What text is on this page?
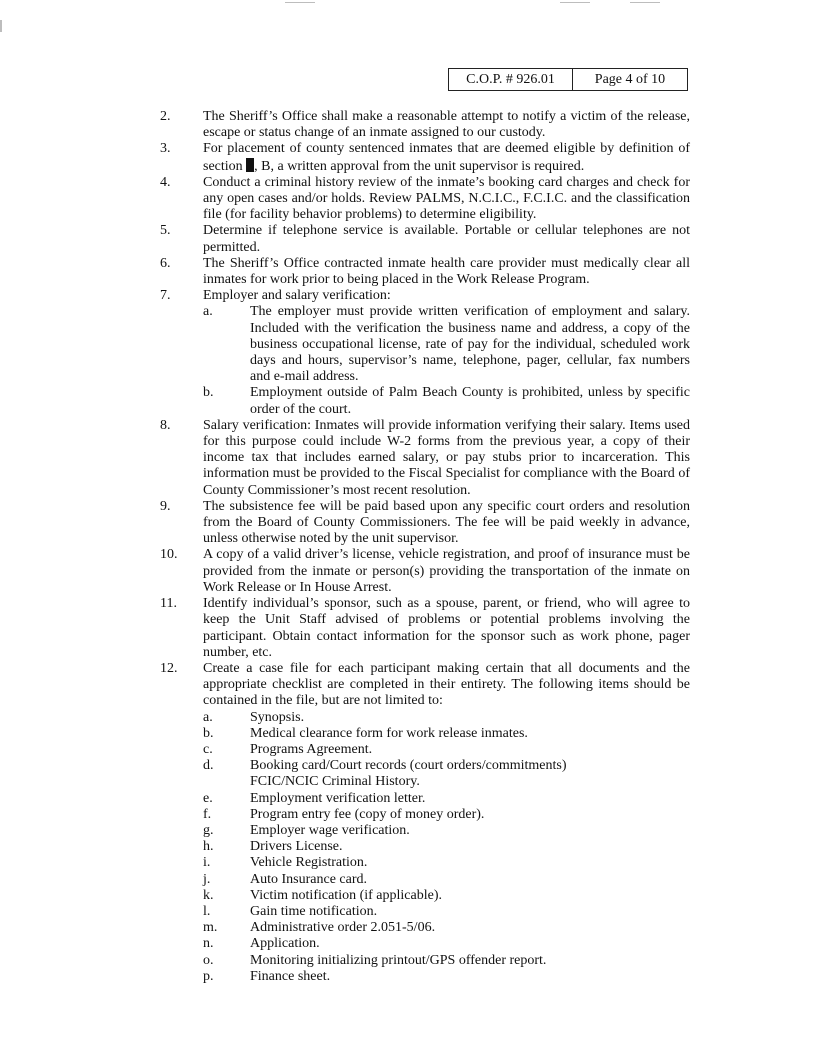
C.O.P. # 926.01	Page 4 of 10
2.	The Sheriff’s Office shall make a reasonable attempt to notify a victim of the release, escape or status change of an inmate assigned to our custody.

3.	For placement of county sentenced inmates that are deemed eligible by definition of section , B, a written approval from the unit supervisor is required.

4.	Conduct a criminal history review of the inmate’s booking card charges and check for any open cases and/or holds. Review PALMS, N.C.I.C., F.C.I.C. and the classification file (for facility behavior problems) to determine eligibility.

5.	Determine if telephone service is available. Portable or cellular telephones are not permitted.

6.	The Sheriff’s Office contracted inmate health care provider must medically clear all inmates for work prior to being placed in the Work Release Program.

7.	Employer and salary verification:

a.	The employer must provide written verification of employment and salary. Included with the verification the business name and address, a copy of the business occupational license, rate of pay for the individual, scheduled work days and hours, supervisor’s name, telephone, pager, cellular, fax numbers and e-mail address.
b.	Employment outside of Palm Beach County is prohibited, unless by specific order of the court.
8.	Salary verification: Inmates will provide information verifying their salary. Items used for this purpose could include W-2 forms from the previous year, a copy of their income tax that includes earned salary, or pay stubs prior to incarceration. This information must be provided to the Fiscal Specialist for compliance with the Board of County Commissioner’s most recent resolution.

9.	The subsistence fee will be paid based upon any specific court orders and resolution from the Board of County Commissioners. The fee will be paid weekly in advance, unless otherwise noted by the unit supervisor.

10.	A copy of a valid driver’s license, vehicle registration, and proof of insurance must be provided from the inmate or person(s) providing the transportation of the inmate on Work Release or In House Arrest.

11.	Identify individual’s sponsor, such as a spouse, parent, or friend, who will agree to keep the Unit Staff advised of problems or potential problems involving the participant. Obtain contact information for the sponsor such as work phone, pager number, etc.

12.	Create a case file for each participant making certain that all documents and the appropriate checklist are completed in their entirety. The following items should be contained in the file, but are not limited to:

a.	Synopsis.
b.	Medical clearance form for work release inmates.
c.	Programs Agreement.
d.	Booking card/Court records (court orders/commitments)
FCIC/NCIC Criminal History.
e.	Employment verification letter.
f.	Program entry fee (copy of money order).
g.	Employer wage verification.
h.	Drivers License.
i.	Vehicle Registration.
j.	Auto Insurance card.
k.	Victim notification (if applicable).
l.	Gain time notification.
m.	Administrative order 2.051-5/06.
n.	Application.
o.	Monitoring initializing printout/GPS offender report.
p.	Finance sheet.
